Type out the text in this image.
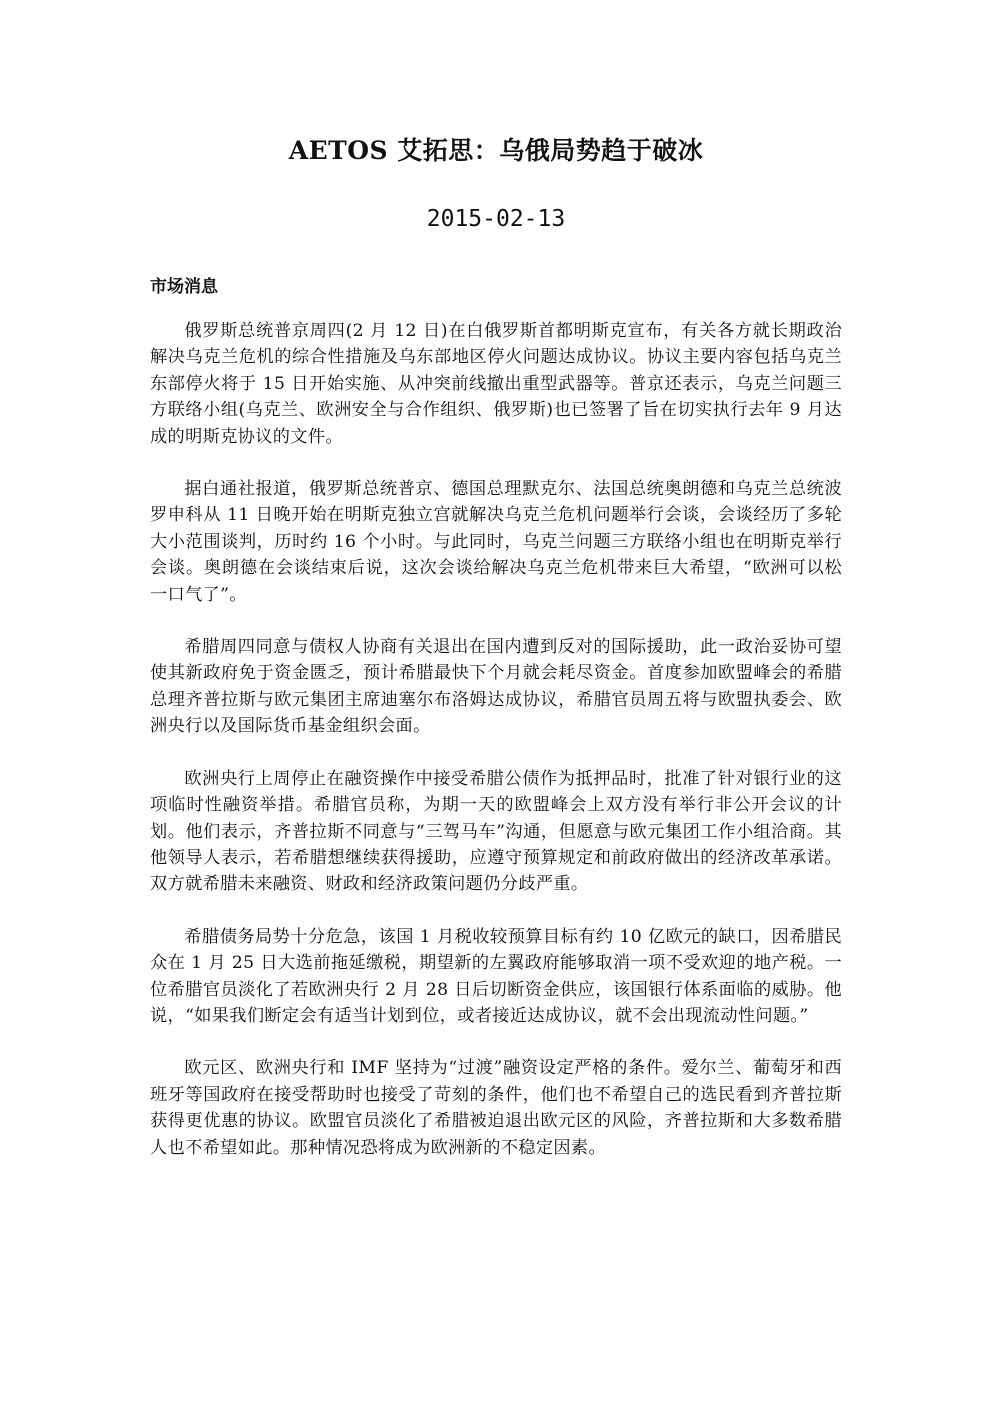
AETOS 艾拓思：乌俄局势趋于破冰
2015-02-13
市场消息

俄罗斯总统普京周四(2 月 12 日)在白俄罗斯首都明斯克宣布，有关各方就长期政治解决乌克兰危机的综合性措施及乌东部地区停火问题达成协议。协议主要内容包括乌克兰东部停火将于 15 日开始实施、从冲突前线撤出重型武器等。普京还表示，乌克兰问题三方联络小组(乌克兰、欧洲安全与合作组织、俄罗斯)也已签署了旨在切实执行去年 9 月达成的明斯克协议的文件。

据白通社报道，俄罗斯总统普京、德国总理默克尔、法国总统奥朗德和乌克兰总统波罗申科从 11 日晚开始在明斯克独立宫就解决乌克兰危机问题举行会谈，会谈经历了多轮大小范围谈判，历时约 16 个小时。与此同时，乌克兰问题三方联络小组也在明斯克举行会谈。奥朗德在会谈结束后说，这次会谈给解决乌克兰危机带来巨大希望，“欧洲可以松一口气了”。

希腊周四同意与债权人协商有关退出在国内遭到反对的国际援助，此一政治妥协可望使其新政府免于资金匮乏，预计希腊最快下个月就会耗尽资金。首度参加欧盟峰会的希腊总理齐普拉斯与欧元集团主席迪塞尔布洛姆达成协议，希腊官员周五将与欧盟执委会、欧洲央行以及国际货币基金组织会面。

欧洲央行上周停止在融资操作中接受希腊公债作为抵押品时，批准了针对银行业的这项临时性融资举措。希腊官员称，为期一天的欧盟峰会上双方没有举行非公开会议的计划。他们表示，齐普拉斯不同意与“三驾马车”沟通，但愿意与欧元集团工作小组洽商。其他领导人表示，若希腊想继续获得援助，应遵守预算规定和前政府做出的经济改革承诺。双方就希腊未来融资、财政和经济政策问题仍分歧严重。

希腊债务局势十分危急，该国 1 月税收较预算目标有约 10 亿欧元的缺口，因希腊民众在 1 月 25 日大选前拖延缴税，期望新的左翼政府能够取消一项不受欢迎的地产税。一位希腊官员淡化了若欧洲央行 2 月 28 日后切断资金供应，该国银行体系面临的威胁。他说，“如果我们断定会有适当计划到位，或者接近达成协议，就不会出现流动性问题。”

欧元区、欧洲央行和 IMF 坚持为“过渡”融资设定严格的条件。爱尔兰、葡萄牙和西班牙等国政府在接受帮助时也接受了苛刻的条件，他们也不希望自己的选民看到齐普拉斯获得更优惠的协议。欧盟官员淡化了希腊被迫退出欧元区的风险，齐普拉斯和大多数希腊人也不希望如此。那种情况恐将成为欧洲新的不稳定因素。
